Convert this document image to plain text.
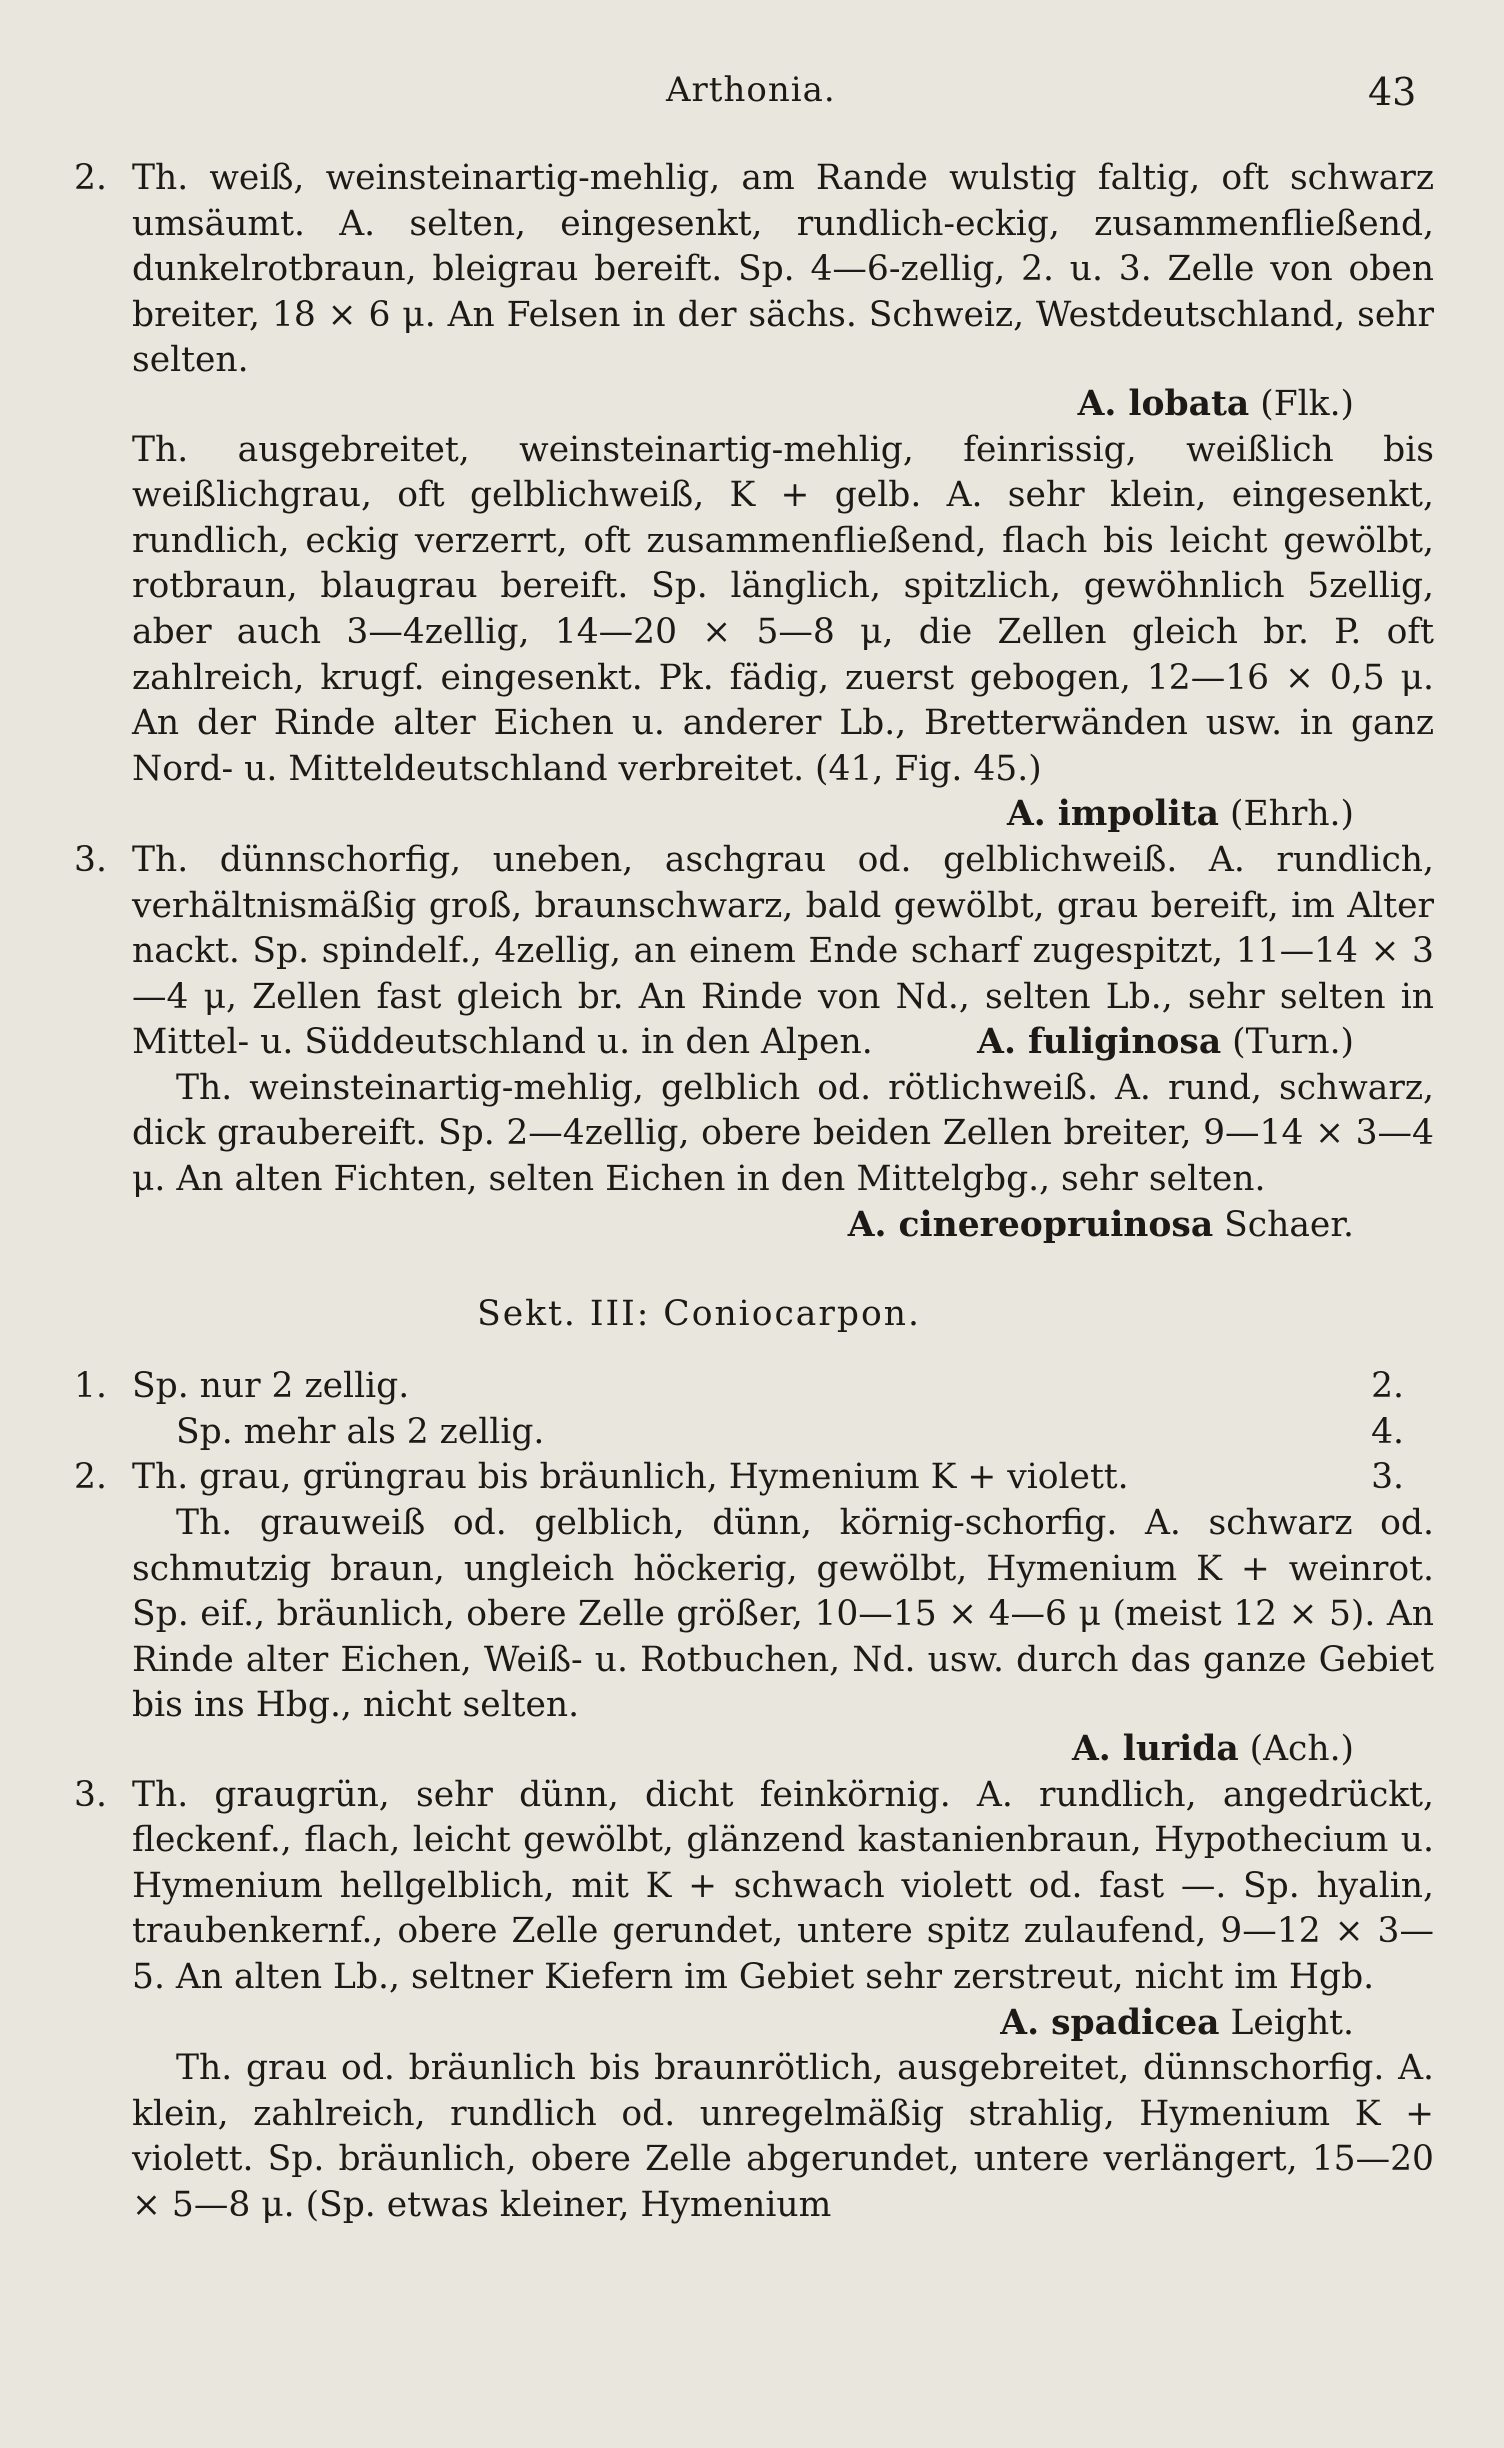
Arthonia.	43

2. Th. weiß, weinsteinartig-mehlig, am Rande wulstig faltig, oft schwarz umsäumt. A. selten, eingesenkt, rundlich-eckig, zusammenfließend, dunkelrotbraun, bleigrau bereift. Sp. 4—6-zellig, 2. u. 3. Zelle von oben breiter, 18 × 6 μ. An Felsen in der sächs. Schweiz, Westdeutschland, sehr selten.

A. lobata (Flk.)

Th. ausgebreitet, weinsteinartig-mehlig, feinrissig, weißlich bis weißlichgrau, oft gelblichweiß, K + gelb. A. sehr klein, eingesenkt, rundlich, eckig verzerrt, oft zusammenfließend, flach bis leicht gewölbt, rotbraun, blaugrau bereift. Sp. länglich, spitzlich, gewöhnlich 5zellig, aber auch 3—4zellig, 14—20 × 5—8 μ, die Zellen gleich br. P. oft zahlreich, krugf. eingesenkt. Pk. fädig, zuerst gebogen, 12—16 × 0,5 μ. An der Rinde alter Eichen u. anderer Lb., Bretterwänden usw. in ganz Nord- u. Mitteldeutschland verbreitet. (41, Fig. 45.)
A. impolita (Ehrh.)

3. Th. dünnschorfig, uneben, aschgrau od. gelblichweiß. A. rundlich, verhältnismäßig groß, braunschwarz, bald gewölbt, grau bereift, im Alter nackt. Sp. spindelf., 4zellig, an einem Ende scharf zugespitzt, 11—14 × 3—4 μ, Zellen fast gleich br. An Rinde von Nd., selten Lb., sehr selten in Mittel- u. Süddeutschland u. in den Alpen.	A. fuliginosa (Turn.)

Th. weinsteinartig-mehlig, gelblich od. rötlichweiß. A. rund, schwarz, dick graubereift. Sp. 2—4zellig, obere beiden Zellen breiter, 9—14 × 3—4 μ. An alten Fichten, selten Eichen in den Mittelgbg., sehr selten.
A. cinereopruinosa Schaer.

Sekt. III: Coniocarpon.

1. Sp. nur 2 zellig.	2.

Sp. mehr als 2 zellig.	4.

2. Th. grau, grüngrau bis bräunlich, Hymenium K + violett.	3.

Th. grauweiß od. gelblich, dünn, körnig-schorfig. A. schwarz od. schmutzig braun, ungleich höckerig, gewölbt, Hymenium K + weinrot. Sp. eif., bräunlich, obere Zelle größer, 10—15 × 4—6 μ (meist 12 × 5). An Rinde alter Eichen, Weiß- u. Rotbuchen, Nd. usw. durch das ganze Gebiet bis ins Hbg., nicht selten.

A. lurida (Ach.)

3. Th. graugrün, sehr dünn, dicht feinkörnig. A. rundlich, angedrückt, fleckenf., flach, leicht gewölbt, glänzend kastanienbraun, Hypothecium u. Hymenium hellgelblich, mit K + schwach violett od. fast —. Sp. hyalin, traubenkernf., obere Zelle gerundet, untere spitz zulaufend, 9—12 × 3—5. An alten Lb., seltner Kiefern im Gebiet sehr zerstreut, nicht im Hgb.
A. spadicea Leight.

Th. grau od. bräunlich bis braunrötlich, ausgebreitet, dünnschorfig. A. klein, zahlreich, rundlich od. unregelmäßig strahlig, Hymenium K + violett. Sp. bräunlich, obere Zelle abgerundet, untere verlängert, 15—20 × 5—8 μ. (Sp. etwas kleiner, Hymenium
